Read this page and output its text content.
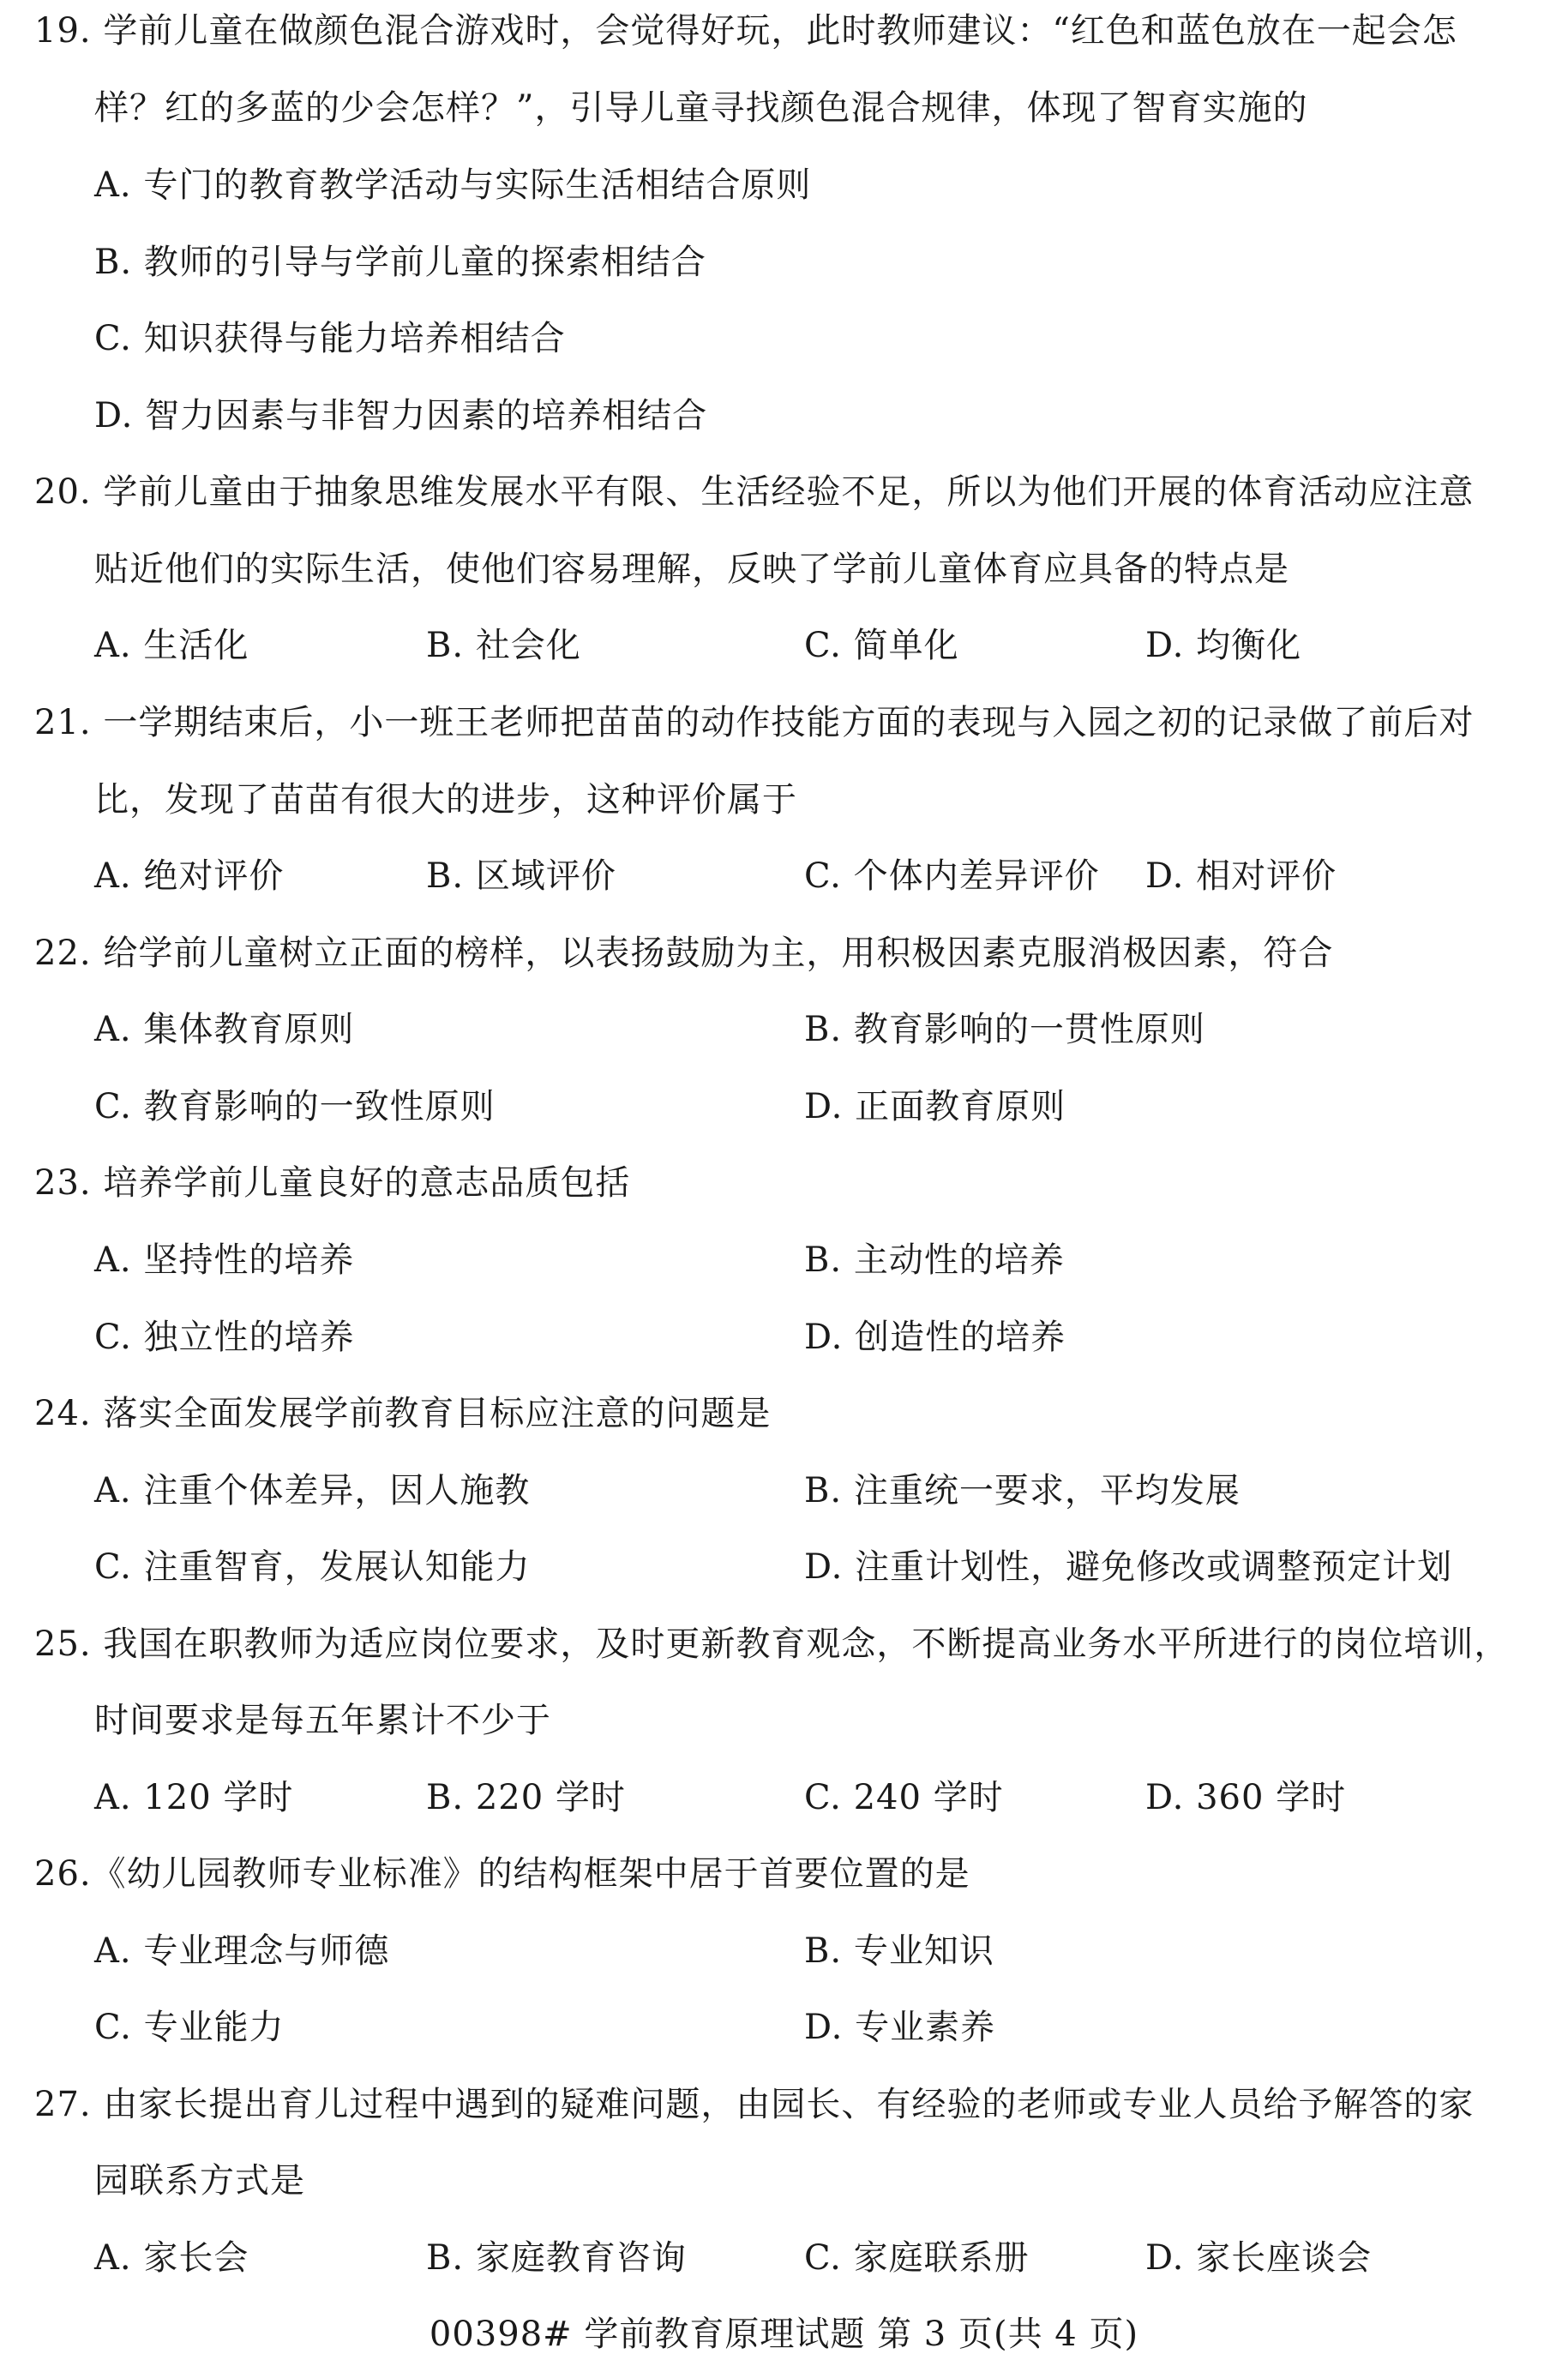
19. 学前儿童在做颜色混合游戏时，会觉得好玩，此时教师建议：“红色和蓝色放在一起会怎
样？红的多蓝的少会怎样？”，引导儿童寻找颜色混合规律，体现了智育实施的
A. 专门的教育教学活动与实际生活相结合原则
B. 教师的引导与学前儿童的探索相结合
C. 知识获得与能力培养相结合
D. 智力因素与非智力因素的培养相结合
20. 学前儿童由于抽象思维发展水平有限、生活经验不足，所以为他们开展的体育活动应注意
贴近他们的实际生活，使他们容易理解，反映了学前儿童体育应具备的特点是
A. 生活化	B. 社会化	C. 简单化	D. 均衡化
21. 一学期结束后，小一班王老师把苗苗的动作技能方面的表现与入园之初的记录做了前后对
比，发现了苗苗有很大的进步，这种评价属于
A. 绝对评价	B. 区域评价	C. 个体内差异评价 D. 相对评价
22. 给学前儿童树立正面的榜样，以表扬鼓励为主，用积极因素克服消极因素，符合
A. 集体教育原则	B. 教育影响的一贯性原则
C. 教育影响的一致性原则	D. 正面教育原则
23. 培养学前儿童良好的意志品质包括
A. 坚持性的培养	B. 主动性的培养
C. 独立性的培养	D. 创造性的培养
24. 落实全面发展学前教育目标应注意的问题是
A. 注重个体差异，因人施教	B. 注重统一要求，平均发展
C. 注重智育，发展认知能力	D. 注重计划性，避免修改或调整预定计划
25. 我国在职教师为适应岗位要求，及时更新教育观念，不断提高业务水平所进行的岗位培训，
时间要求是每五年累计不少于
A. 120 学时	B. 220 学时	C. 240 学时	D. 360 学时
26.《幼儿园教师专业标准》的结构框架中居于首要位置的是
A. 专业理念与师德	B. 专业知识
C. 专业能力	D. 专业素养
27. 由家长提出育儿过程中遇到的疑难问题，由园长、有经验的老师或专业人员给予解答的家
园联系方式是
A. 家长会	B. 家庭教育咨询	C. 家庭联系册	D. 家长座谈会
00398# 学前教育原理试题 第 3 页(共 4 页)
